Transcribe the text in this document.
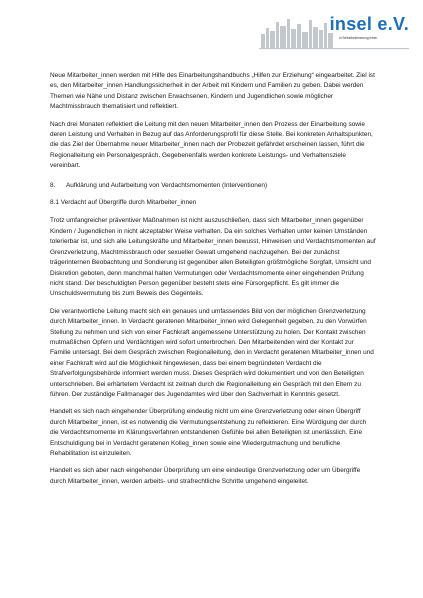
insel e.V.
in Selbstbestimmung leben

Neue Mitarbeiter_innen werden mit Hilfe des Einarbeitungshandbuchs „Hilfen zur Erziehung“ eingearbeitet. Ziel ist es, den Mitarbeiter_innen Handlungssicherheit in der Arbeit mit Kindern und Familien zu geben. Dabei werden Themen wie Nähe und Distanz zwischen Erwachsenen, Kindern und Jugendlichen sowie möglicher Machtmissbrauch thematisiert und reflektiert.

Nach drei Monaten reflektiert die Leitung mit den neuen Mitarbeiter_innen den Prozess der Einarbeitung sowie deren Leistung und Verhalten in Bezug auf das Anforderungsprofil für diese Stelle. Bei konkreten Anhaltspunkten, die das Ziel der Übernahme neuer Mitarbeiter_innen nach der Probezeit gefährdet erscheinen lassen, führt die Regionalleitung ein Personalgespräch. Gegebenenfalls werden konkrete Leistungs- und Verhaltensziele vereinbart.

8. Aufklärung und Aufarbeitung von Verdachtsmomenten (Interventionen)

8.1 Verdacht auf Übergriffe durch Mitarbeiter_innen

Trotz umfangreicher präventiver Maßnahmen ist nicht auszuschließen, dass sich Mitarbeiter_innen gegenüber Kindern / Jugendlichen in nicht akzeptabler Weise verhalten. Da ein solches Verhalten unter keinen Umständen tolerierbar ist, und sich alle Leitungskräfte und Mitarbeiter_innen bewusst, Hinweisen und Verdachtsmomenten auf Grenzverletzung, Machtmissbrauch oder sexueller Gewalt umgehend nachzugehen. Bei der zunächst trägerinternen Beobachtung und Sondierung ist gegenüber allen Beteiligten größtmögliche Sorgfalt, Umsicht und Diskretion geboten, denn manchmal halten Vermutungen oder Verdachtsmomente einer eingehenden Prüfung nicht stand. Der beschuldigten Person gegenüber besteht stets eine Fürsorgepflicht. Es gilt immer die Unschuldsvermutung bis zum Beweis des Gegenteils.

Die verantwortliche Leitung macht sich ein genaues und umfassendes Bild von der möglichen Grenzverletzung durch Mitarbeiter_innen. In Verdacht geratenen Mitarbeiter_innen wird Gelegenheit gegeben, zu den Vorwürfen Stellung zu nehmen und sich von einer Fachkraft angemessene Unterstützung zu holen. Der Kontakt zwischen mutmaßlichen Opfern und Verdächtigen wird sofort unterbrochen. Den Mitarbeitenden wird der Kontakt zur Familie untersagt. Bei dem Gespräch zwischen Regionalleitung, den in Verdacht geratenen Mitarbeiter_innen und einer Fachkraft wird auf die Möglichkeit hingewiesen, dass bei einem begründeten Verdacht die Strafverfolgungsbehörde informiert werden muss. Dieses Gespräch wird dokumentiert und von den Beteiligten unterschrieben. Bei erhärtetem Verdacht ist zeitnah durch die Regionalleitung ein Gespräch mit den Eltern zu führen. Der zuständige Fallmanager des Jugendamtes wird über den Sachverhalt in Kenntnis gesetzt.

Handelt es sich nach eingehender Überprüfung eindeutig nicht um eine Grenzverletzung oder einen Übergriff durch Mitarbeiter_innen, ist es notwendig die Vermutungsentstehung zu reflektieren. Eine Würdigung der durch die Verdachtsmomente im Klärungsverfahren entstandenen Gefühle bei allen Beteiligten ist unerlässlich. Eine Entschuldigung bei in Verdacht geratenen Kolleg_innen sowie eine Wiedergutmachung und berufliche Rehabilitation ist einzuleiten.

Handelt es sich aber nach eingehender Überprüfung um eine eindeutige Grenzverletzung oder um Übergriffe durch Mitarbeiter_innen, werden arbeits- und strafrechtliche Schritte umgehend eingeleitet.
